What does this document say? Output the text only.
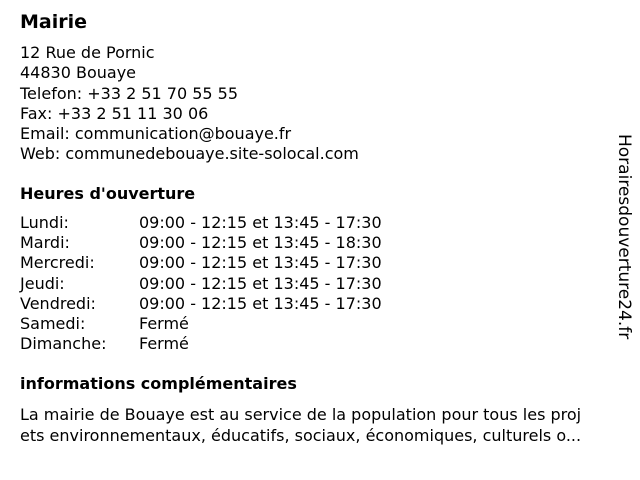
Mairie
12 Rue de Pornic
44830 Bouaye
Telefon: +33 2 51 70 55 55
Fax: +33 2 51 11 30 06
Email: communication@bouaye.fr
Web: communedebouaye.site-solocal.com
Heures d'ouverture
Lundi:	09:00 - 12:15 et 13:45 - 17:30
Mardi:	09:00 - 12:15 et 13:45 - 18:30
Mercredi:	09:00 - 12:15 et 13:45 - 17:30
Jeudi:	09:00 - 12:15 et 13:45 - 17:30
Vendredi:	09:00 - 12:15 et 13:45 - 17:30
Samedi:	Fermé
Dimanche: Fermé
informations complémentaires
La mairie de Bouaye est au service de la population pour tous les proj
ets environnementaux, éducatifs, sociaux, économiques, culturels o...
Horairesdouverture24.fr
